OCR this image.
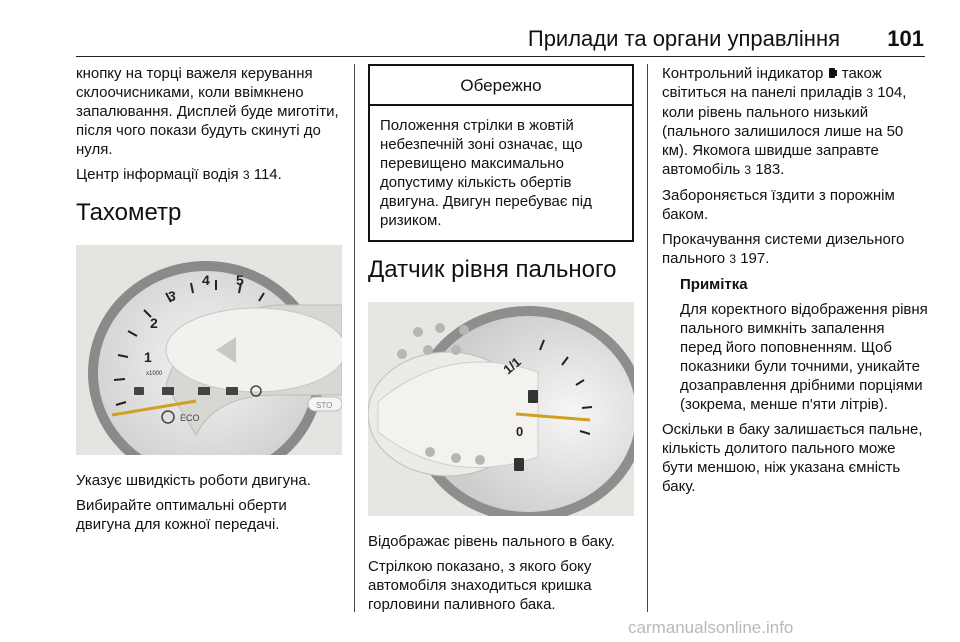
Прилади та органи управління 101

кнопку на торці важеля керування склоочисниками, коли ввімкнено запалювання. Дисплей буде миготіти, після чого покази будуть скинуті до нуля.

Центр інформації водія 3 114.

Тахометр
1
2
3
4 5
x1000
ECO
STO

Указує швидкість роботи двигуна.

Вибирайте оптимальні оберти двигуна для кожної передачі.

Обережно
Положення стрілки в жовтій небезпечній зоні означає, що перевищено максимально допустиму кількість обертів двигуна. Двигун перебуває під ризиком.
Датчик рівня пального
1/1
0

Відображає рівень пального в баку.

Стрілкою показано, з якого боку автомобіля знаходиться кришка горловини паливного бака.

Контрольний індикатор також світиться на панелі приладів 3 104, коли рівень пального низький (пального залишилося лише на 50 км). Якомога швидше заправте автомобіль 3 183.

Забороняється їздити з порожнім баком.

Прокачування системи дизельного пального 3 197.

Примітка

Для коректного відображення рівня пального вимкніть запалення перед його поповненням. Щоб показники були точними, уникайте дозаправлення дрібними порціями (зокрема, менше п'яти літрів).

Оскільки в баку залишається пальне, кількість долитого пального може бути меншою, ніж указана ємність баку.

carmanualsonline.info
